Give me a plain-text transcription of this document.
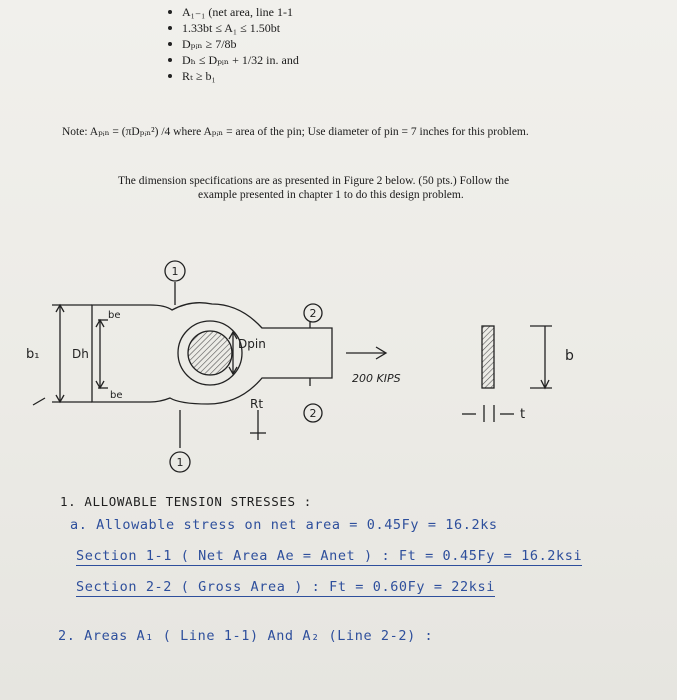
A₁₋₁ (net area, line 1-1
1.33bt ≤ A₁ ≤ 1.50bt
Dₚᵢₙ ≥ 7/8b
Dₕ ≤ Dₚᵢₙ + 1/32 in. and
Rₜ ≥ b₁
Note: Aₚᵢₙ = (πDₚᵢₙ²) /4 where Aₚᵢₙ = area of the pin; Use diameter of pin = 7 inches for this problem.
The dimension specifications are as presented in Figure 2 below. (50 pts.) Follow the
example presented in chapter 1 to do this design problem.
1
1
2
2
b₁	Dh
be
be
Dpin
Rt
200 KIPS
b
t
1. ALLOWABLE TENSION STRESSES :
a. Allowable stress on net area = 0.45Fy = 16.2ks
Section 1-1 ( Net Area Ae = Anet ) : Ft = 0.45Fy = 16.2ksi
Section 2-2 ( Gross Area ) : Ft = 0.60Fy = 22ksi
2. Areas A₁ ( Line 1-1) And A₂ (Line 2-2) :
